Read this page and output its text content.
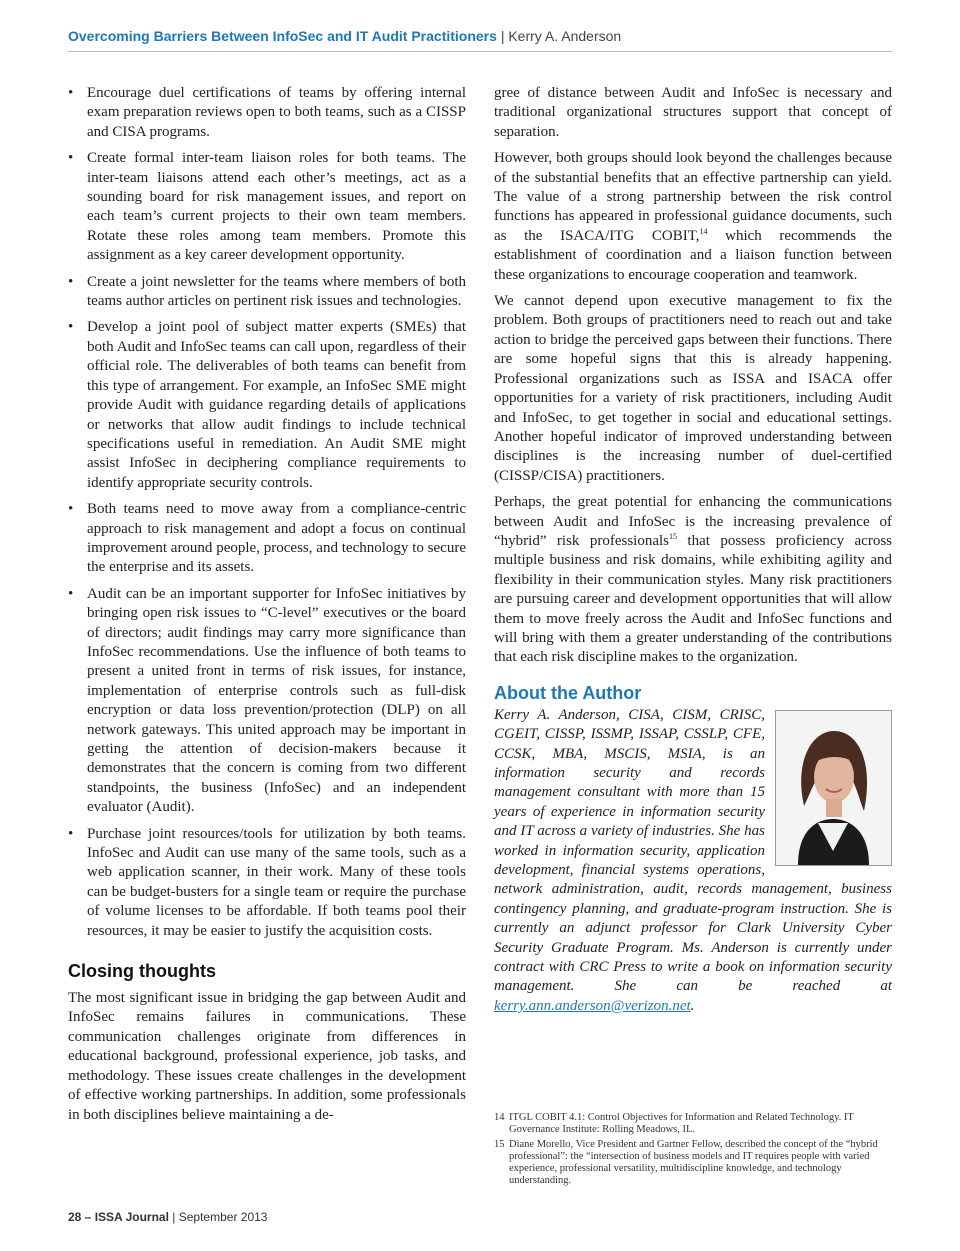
Overcoming Barriers Between InfoSec and IT Audit Practitioners | Kerry A. Anderson
• Encourage duel certifications of teams by offering internal exam preparation reviews open to both teams, such as a CISSP and CISA programs.
• Create formal inter-team liaison roles for both teams. The inter-team liaisons attend each other’s meetings, act as a sounding board for risk management issues, and report on each team’s current projects to their own team members. Rotate these roles among team members. Promote this assignment as a key career development opportunity.
• Create a joint newsletter for the teams where members of both teams author articles on pertinent risk issues and technologies.
• Develop a joint pool of subject matter experts (SMEs) that both Audit and InfoSec teams can call upon, regardless of their official role. The deliverables of both teams can benefit from this type of arrangement. For example, an InfoSec SME might provide Audit with guidance regarding details of applications or networks that allow audit findings to include technical specifications useful in remediation. An Audit SME might assist InfoSec in deciphering compliance requirements to identify appropriate security controls.
• Both teams need to move away from a compliance-centric approach to risk management and adopt a focus on continual improvement around people, process, and technology to secure the enterprise and its assets.
• Audit can be an important supporter for InfoSec initiatives by bringing open risk issues to “C-level” executives or the board of directors; audit findings may carry more significance than InfoSec recommendations. Use the influence of both teams to present a united front in terms of risk issues, for instance, implementation of enterprise controls such as full-disk encryption or data loss prevention/protection (DLP) on all network gateways. This united approach may be important in getting the attention of decision-makers because it demonstrates that the concern is coming from two different standpoints, the business (InfoSec) and an independent evaluator (Audit).
• Purchase joint resources/tools for utilization by both teams. InfoSec and Audit can use many of the same tools, such as a web application scanner, in their work. Many of these tools can be budget-busters for a single team or require the purchase of volume licenses to be affordable. If both teams pool their resources, it may be easier to justify the acquisition costs.
Closing thoughts

The most significant issue in bridging the gap between Audit and InfoSec remains failures in communications. These communication challenges originate from differences in educational background, professional experience, job tasks, and methodology. These issues create challenges in the development of effective working partnerships. In addition, some professionals in both disciplines believe maintaining a de-

gree of distance between Audit and InfoSec is necessary and traditional organizational structures support that concept of separation.

However, both groups should look beyond the challenges because of the substantial benefits that an effective partnership can yield. The value of a strong partnership between the risk control functions has appeared in professional guidance documents, such as the ISACA/ITG COBIT,$^{14}$ which recommends the establishment of coordination and a liaison function between these organizations to encourage cooperation and teamwork.

We cannot depend upon executive management to fix the problem. Both groups of practitioners need to reach out and take action to bridge the perceived gaps between their functions. There are some hopeful signs that this is already happening. Professional organizations such as ISSA and ISACA offer opportunities for a variety of risk practitioners, including Audit and InfoSec, to get together in social and educational settings. Another hopeful indicator of improved understanding between disciplines is the increasing number of duel-certified (CISSP/CISA) practitioners.

Perhaps, the great potential for enhancing the communications between Audit and InfoSec is the increasing prevalence of “hybrid” risk professionals$^{15}$ that possess proficiency across multiple business and risk domains, while exhibiting agility and flexibility in their communication styles. Many risk practitioners are pursuing career and development opportunities that will allow them to move freely across the Audit and InfoSec functions and will bring with them a greater understanding of the contributions that each risk discipline makes to the organization.

About the Author

Kerry A. Anderson, CISA, CISM, CRISC, CGEIT, CISSP, ISSMP, ISSAP, CSSLP, CFE, CCSK, MBA, MSCIS, MSIA, is an information security and records management consultant with more than 15 years of experience in information security and IT across a variety of industries. She has worked in information security, application development, financial systems operations, network administration, audit, records management, business contingency planning, and graduate-program instruction. She is currently an adjunct professor for Clark University Cyber Security Graduate Program. Ms. Anderson is currently under contract with CRC Press to write a book on information security management. She can be reached at kerry.ann.anderson@verizon.net.

14 ITGL COBIT 4.1: Control Objectives for Information and Related Technology. IT Governance Institute: Rolling Meadows, IL.
15 Diane Morello, Vice President and Gartner Fellow, described the concept of the “hybrid professional”: the “intersection of business models and IT requires people with varied experience, professional versatility, multidiscipline knowledge, and technology understanding.
28 – ISSA Journal | September 2013
